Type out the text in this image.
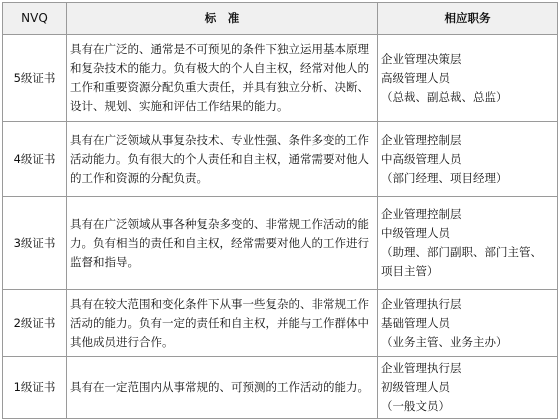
NVQ	标　准	相应职务
5级证书	具有在广泛的、通常是不可预见的条件下独立运用基本原理和复杂技术的能力。负有极大的个人自主权，经常对他人的工作和重要资源分配负重大责任，并具有独立分析、决断、设计、规划、实施和评估工作结果的能力。	企业管理决策层
高级管理人员
（总裁、副总裁、总监）

4级证书	具有在广泛领域从事复杂技术、专业性强、条件多变的工作活动能力。负有很大的个人责任和自主权，通常需要对他人的工作和资源的分配负责。	企业管理控制层
中高级管理人员
（部门经理、项目经理）

3级证书	具有在广泛领域从事各种复杂多变的、非常规工作活动的能力。负有相当的责任和自主权，经常需要对他人的工作进行监督和指导。	企业管理控制层
中级管理人员
（助理、部门副职、部门主管、
项目主管）

2级证书	具有在较大范围和变化条件下从事一些复杂的、非常规工作活动的能力。负有一定的责任和自主权，并能与工作群体中其他成员进行合作。	企业管理执行层
基础管理人员
（业务主管、业务主办）

1级证书	具有在一定范围内从事常规的、可预测的工作活动的能力。	企业管理执行层
初级管理人员
（一般文员）
